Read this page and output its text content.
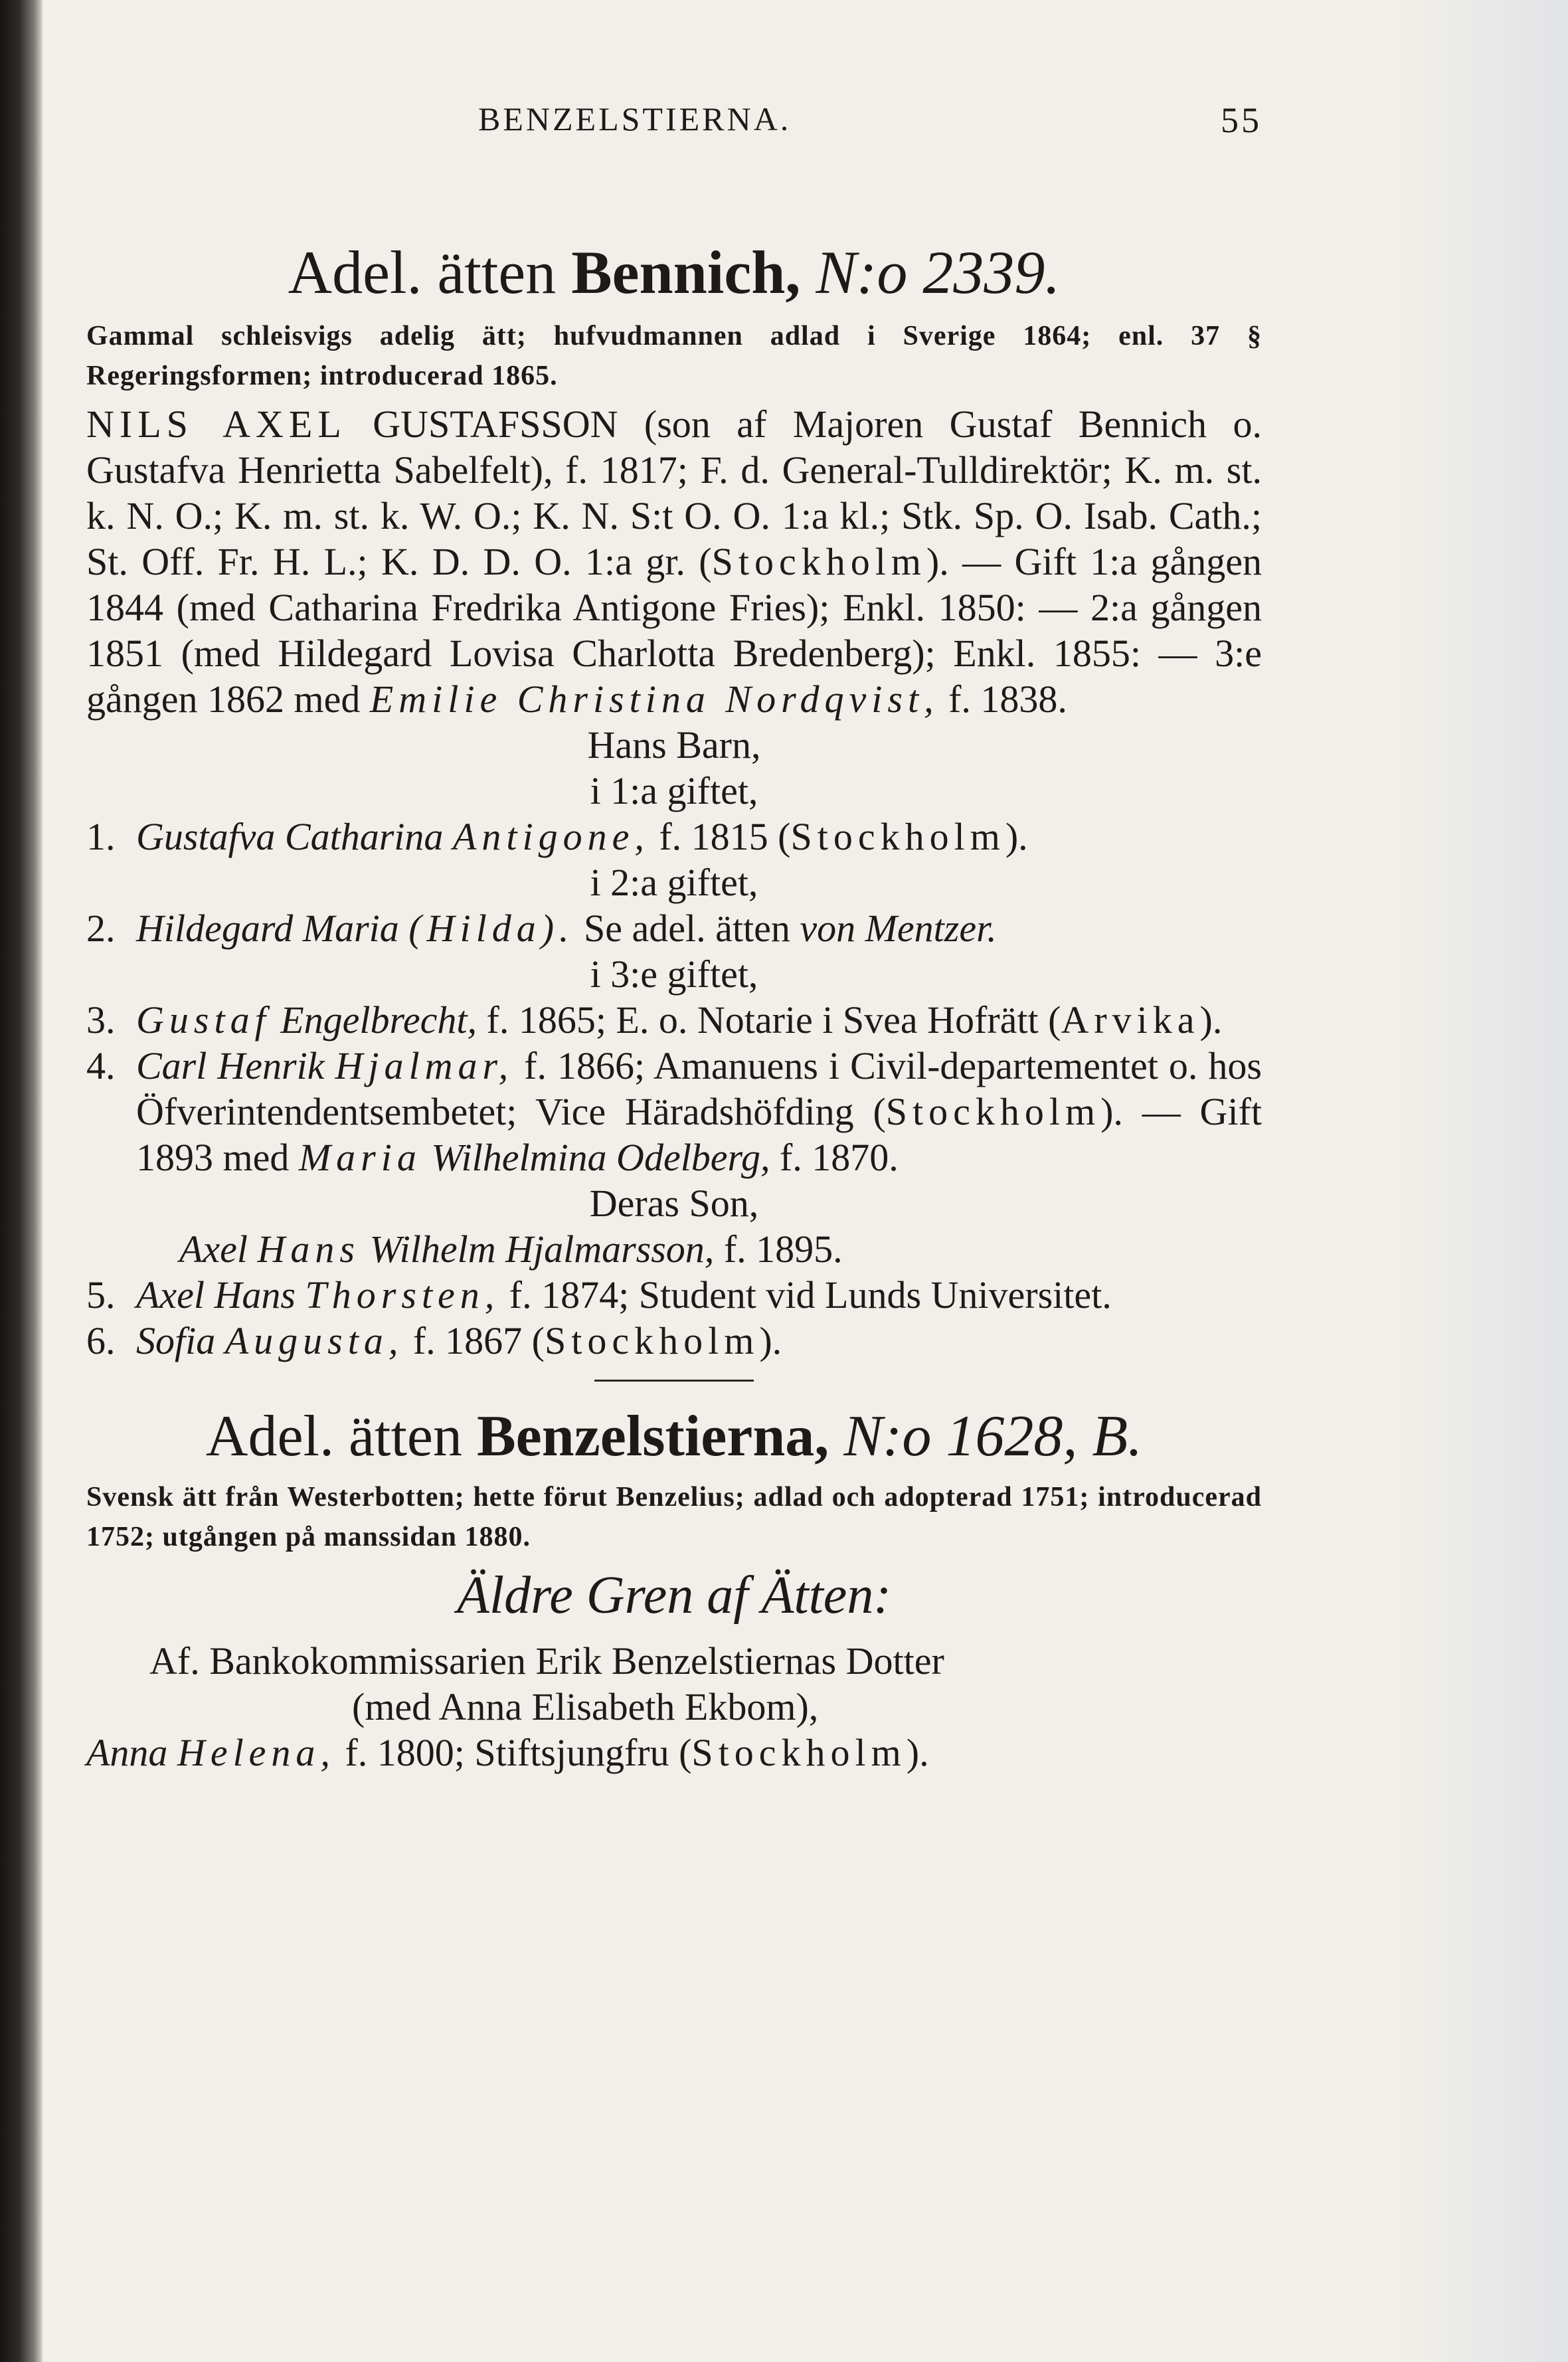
BENZELSTIERNA.	55
Adel. ätten Bennich, N:o 2339.
Gammal schleisvigs adelig ätt; hufvudmannen adlad i Sverige 1864; enl. 37 § Regeringsformen; introducerad 1865.
NILS AXEL GUSTAFSSON (son af Majoren Gustaf Bennich o. Gustafva Henrietta Sabelfelt), f. 1817; F. d. General-Tulldirektör; K. m. st. k. N. O.; K. m. st. k. W. O.; K. N. S:t O. O. 1:a kl.; Stk. Sp. O. Isab. Cath.; St. Off. Fr. H. L.; K. D. D. O. 1:a gr. (Stockholm). — Gift 1:a gången 1844 (med Catharina Fredrika Antigone Fries); Enkl. 1850: — 2:a gången 1851 (med Hildegard Lovisa Charlotta Bredenberg); Enkl. 1855: — 3:e gången 1862 med Emilie Christina Nordqvist, f. 1838.
Hans Barn,
i 1:a giftet,
1. Gustafva Catharina Antigone, f. 1815 (Stockholm).
i 2:a giftet,
2. Hildegard Maria (Hilda). Se adel. ätten von Mentzer.
i 3:e giftet,
3. Gustaf Engelbrecht, f. 1865; E. o. Notarie i Svea Hofrätt (Arvika).
4. Carl Henrik Hjalmar, f. 1866; Amanuens i Civil-departementet o. hos Öfverintendentsembetet; Vice Häradshöfding (Stockholm). — Gift 1893 med Maria Wilhelmina Odelberg, f. 1870.
Deras Son,
Axel Hans Wilhelm Hjalmarsson, f. 1895.
5. Axel Hans Thorsten, f. 1874; Student vid Lunds Universitet.
6. Sofia Augusta, f. 1867 (Stockholm).
Adel. ätten Benzelstierna, N:o 1628, B.
Svensk ätt från Westerbotten; hette förut Benzelius; adlad och adopterad 1751; introducerad 1752; utgången på manssidan 1880.
Äldre Gren af Ätten:
Af. Bankokommissarien Erik Benzelstiernas Dotter
(med Anna Elisabeth Ekbom),
Anna Helena, f. 1800; Stiftsjungfru (Stockholm).
